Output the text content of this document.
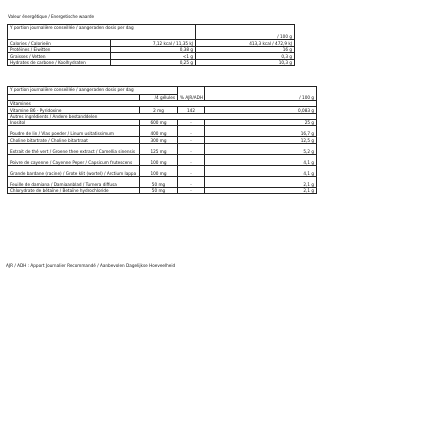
Valeur énergétique / Energetische waarde
Y portion journalière conseillée / aangeraden dosis per dag		/ 100 g
Calories / Calorieën	7,12 kcal / 11,35 kJ	413,3 kcal / 472,9 kJ
Protéines / Eiwitten	0,38 g	16 g
Graisses / Vetten	<1 g	0,3 g
Hydrates de carbone / Koolhydraten	0,25 g	10,3 g
Y portion journalière conseillée / aangeraden dosis per dag		% AJR/ADH	/ 100 g	
	/4 gélules			
Vitamines				
Vitamine B6 - Pyridoxine	2 mg	142		0,083 g
Autres ingrédients / Andere bestanddelen				
Inositol	600 mg	-		25 g
Poudre de lin / Vlas poeder / Linum usitatissimum	400 mg	-		16,7 g
Choline bitartrate / Choline bitartraat	300 mg	-		12,5 g
Extrait de thé vert / Groene thee extract / Camellia sinensis	125 mg	-		5,2 g
Poivre de cayenne / Cayenne Peper / Capsicum frutescens	100 mg	-		4,1 g
Grande bardane (racine) / Grote klit (wortel) / Arctium lappa	100 mg	-		4,1 g
Feuille de damiana / Damiaanblad / Turnera diffusa	50 mg	-		2,1 g
Chlorydrate de bétaïne / Betaïne hydrochloride	50 mg	-		2,1 g
AJR / ADH : Apport Journalier Recommandé / Aanbevolen Dagelijkse Hoeveelheid
